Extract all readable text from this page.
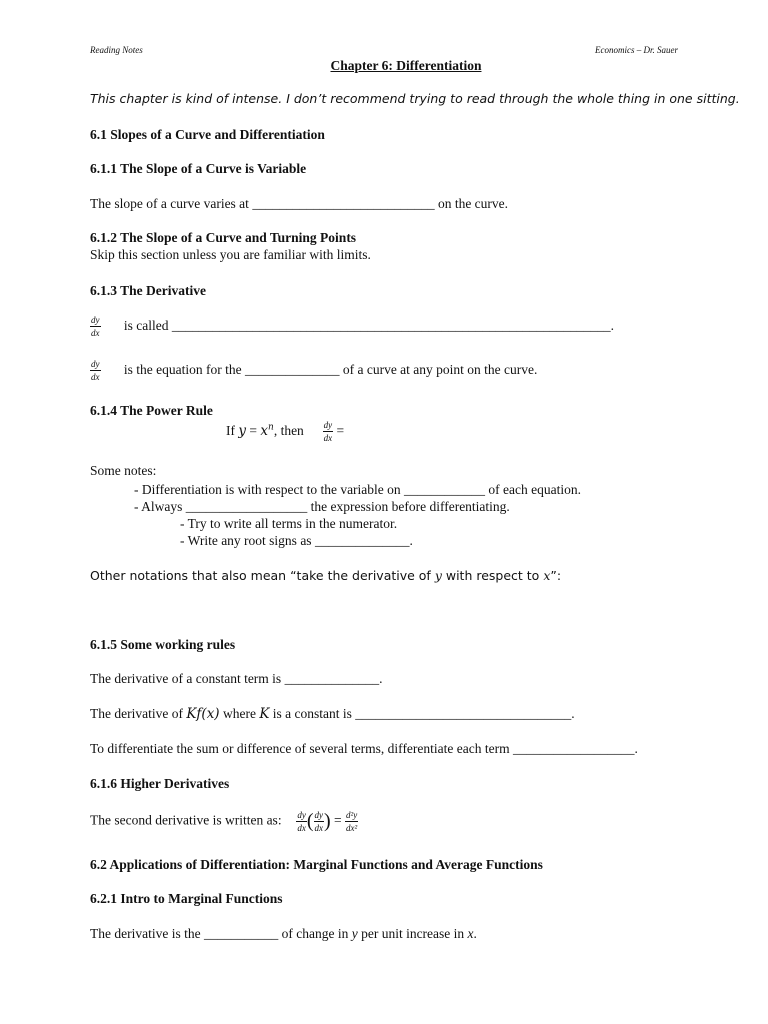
Reading Notes	Economics – Dr. Sauer
Chapter 6: Differentiation
This chapter is kind of intense. I don’t recommend trying to read through the whole thing in one sitting.
6.1 Slopes of a Curve and Differentiation
6.1.1 The Slope of a Curve is Variable
The slope of a curve varies at ___________________________ on the curve.
6.1.2 The Slope of a Curve and Turning Points
Skip this section unless you are familiar with limits.
6.1.3 The Derivative
$\frac{dy}{dx}$ is called _________________________________________________________________.
$\frac{dy}{dx}$ is the equation for the ______________ of a curve at any point on the curve.
6.1.4 The Power Rule
If $y = x^n$, then $\frac{dy}{dx}$ =
Some notes:
- Differentiation is with respect to the variable on ____________ of each equation.
- Always __________________ the expression before differentiating.
- Try to write all terms in the numerator.
- Write any root signs as ______________.
Other notations that also mean “take the derivative of y with respect to x”:
6.1.5 Some working rules
The derivative of a constant term is ______________.
The derivative of Kf(x) where K is a constant is ________________________________.
To differentiate the sum or difference of several terms, differentiate each term __________________.
6.1.6 Higher Derivatives
The second derivative is written as: $\frac{dy}{dx}$ ( $\frac{dy}{dx}$ ) = $\frac{\text{d²y}}{\text{dx²}}$
6.2 Applications of Differentiation: Marginal Functions and Average Functions
6.2.1 Intro to Marginal Functions
The derivative is the ___________ of change in y per unit increase in x.
